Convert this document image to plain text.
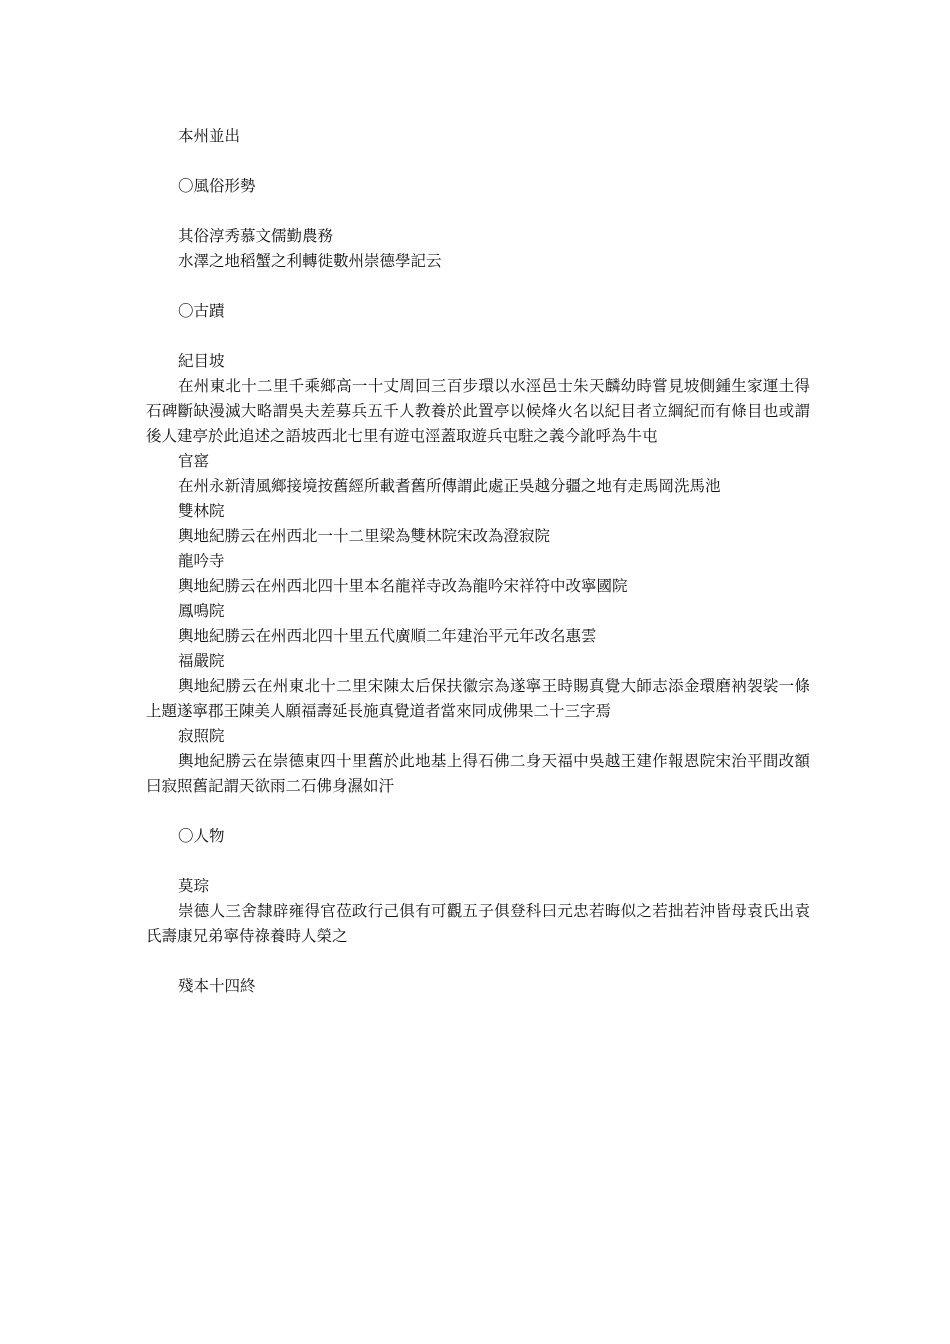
本州並出
〇風俗形勢
其俗淳秀慕文儒勤農務
水澤之地稻蟹之利轉徙數州崇德學記云
〇古蹟
紀目坡
在州東北十二里千乘鄉高一十丈周回三百步環以水涇邑士朱天麟幼時嘗見坡側鍾生家運土得石碑斷缺漫滅大略謂吳夫差募兵五千人教養於此置亭以候烽火名以紀目者立綱紀而有條目也或謂後人建亭於此追述之語坡西北七里有遊屯涇蓋取遊兵屯駐之義今訛呼為牛屯
官窰
在州永新清風鄉接境按舊經所載耆舊所傳謂此處正吳越分疆之地有走馬岡洗馬池
雙林院
輿地紀勝云在州西北一十二里梁為雙林院宋改為澄寂院
龍吟寺
輿地紀勝云在州西北四十里本名龍祥寺改為龍吟宋祥符中改寧國院
鳳鳴院
輿地紀勝云在州西北四十里五代廣順二年建治平元年改名惠雲
福嚴院
輿地紀勝云在州東北十二里宋陳太后保扶徽宗為遂寧王時賜真覺大師志添金環磨衲袈裟一條上題遂寧郡王陳美人願福壽延長施真覺道者當來同成佛果二十三字焉
寂照院
輿地紀勝云在崇德東四十里舊於此地基上得石佛二身天福中吳越王建作報恩院宋治平間改額曰寂照舊記謂天欲雨二石佛身濕如汗
〇人物
莫琮
崇德人三舍隸辟雍得官莅政行己俱有可觀五子俱登科曰元忠若晦似之若拙若沖皆母袁氏出袁氏壽康兄弟寧侍祿養時人榮之
殘本十四終
